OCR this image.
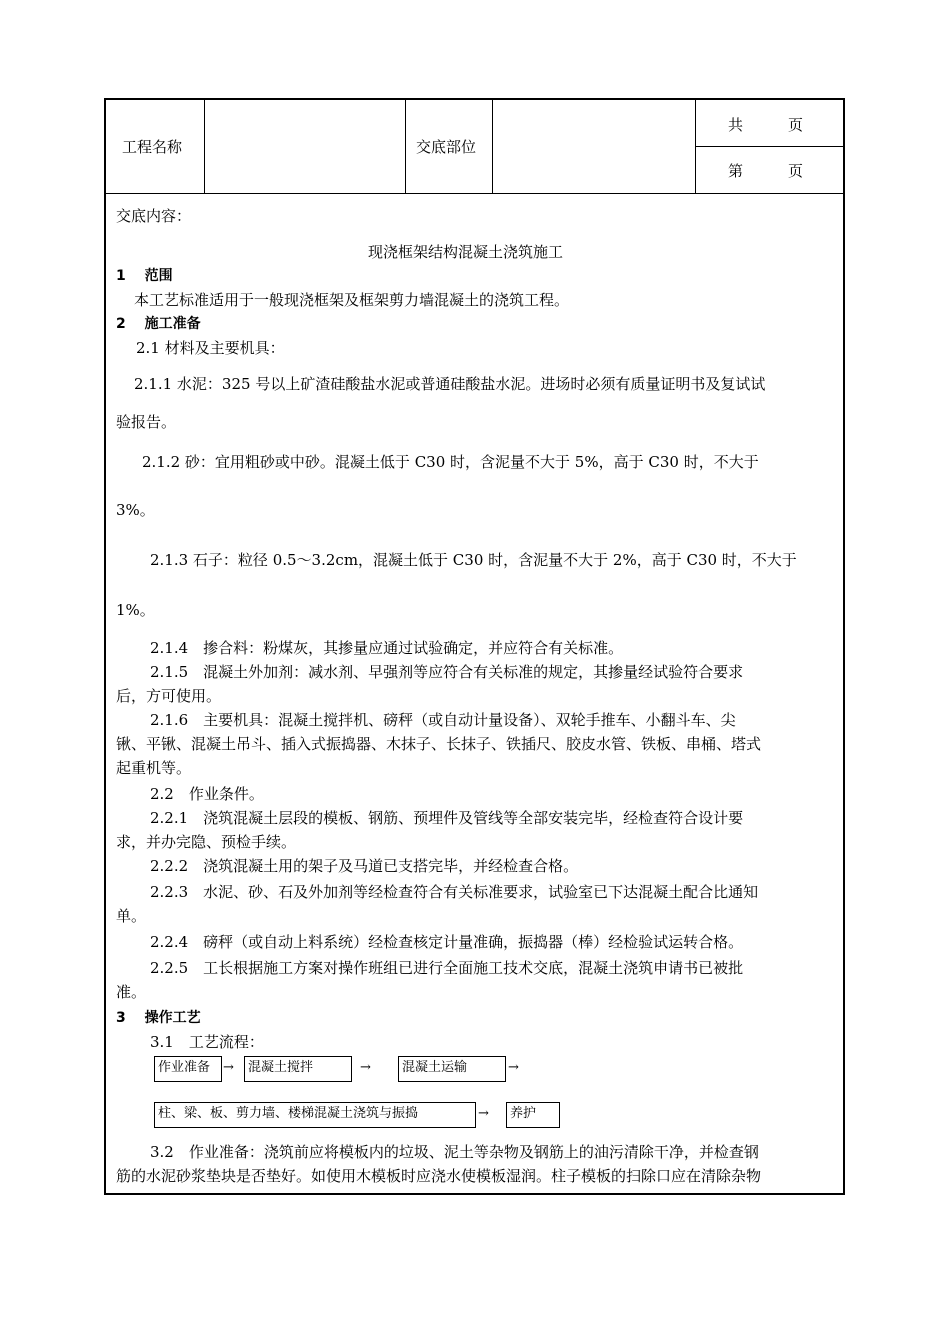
工程名称	交底部位
共　　　页
第　　　页
交底内容：
现浇框架结构混凝土浇筑施工
1　 范围
本工艺标准适用于一般现浇框架及框架剪力墙混凝土的浇筑工程。
2　 施工准备
2.1 材料及主要机具：
2.1.1 水泥：325 号以上矿渣硅酸盐水泥或普通硅酸盐水泥。进场时必须有质量证明书及复试试
验报告。
2.1.2 砂：宜用粗砂或中砂。混凝土低于 C30 时，含泥量不大于 5%，高于 C30 时，不大于
3%。
2.1.3 石子：粒径 0.5～3.2cm，混凝土低于 C30 时，含泥量不大于 2%，高于 C30 时，不大于
1%。
2.1.4　掺合料：粉煤灰，其掺量应通过试验确定，并应符合有关标准。
2.1.5　混凝土外加剂：减水剂、早强剂等应符合有关标准的规定，其掺量经试验符合要求
后，方可使用。
2.1.6　主要机具：混凝土搅拌机、磅秤（或自动计量设备）、双轮手推车、小翻斗车、尖
锹、平锹、混凝土吊斗、插入式振捣器、木抹子、长抹子、铁插尺、胶皮水管、铁板、串桶、塔式
起重机等。
2.2　作业条件。
2.2.1　浇筑混凝土层段的模板、钢筋、预埋件及管线等全部安装完毕，经检查符合设计要
求，并办完隐、预检手续。
2.2.2　浇筑混凝土用的架子及马道已支搭完毕，并经检查合格。
2.2.3　水泥、砂、石及外加剂等经检查符合有关标准要求，试验室已下达混凝土配合比通知
单。
2.2.4　磅秤（或自动上料系统）经检查核定计量准确，振捣器（棒）经检验试运转合格。
2.2.5　工长根据施工方案对操作班组已进行全面施工技术交底，混凝土浇筑申请书已被批
准。
3　 操作工艺
3.1　工艺流程：
作业准备 →	混凝土搅拌	→	混凝土运输	→
柱、梁、板、剪力墙、楼梯混凝土浇筑与振捣	→	养护
3.2　作业准备：浇筑前应将模板内的垃圾、泥土等杂物及钢筋上的油污清除干净，并检查钢
筋的水泥砂浆垫块是否垫好。如使用木模板时应浇水使模板湿润。柱子模板的扫除口应在清除杂物
